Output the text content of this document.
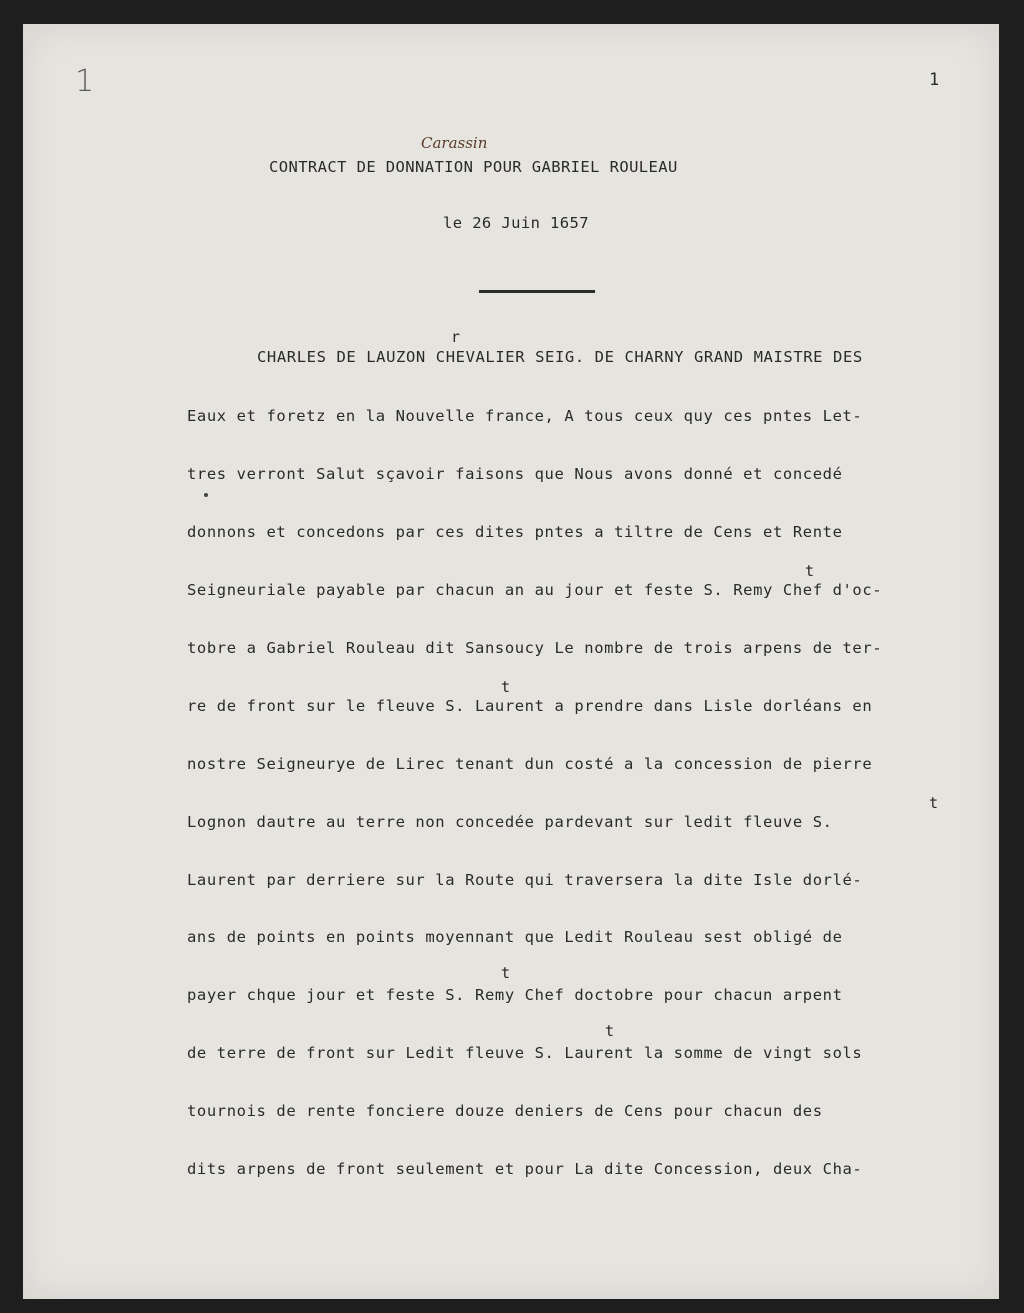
1	1
Carassin
CONTRACT DE DONNATION POUR GABRIEL ROULEAU
le 26 Juin 1657
r
t
t
t
t
t
CHARLES DE LAUZON CHEVALIER SEIG. DE CHARNY GRAND MAISTRE DES
Eaux et foretz en la Nouvelle france, A tous ceux quy ces pntes Let-
tres verront Salut sçavoir faisons que Nous avons donné et concedé
donnons et concedons par ces dites pntes a tiltre de Cens et Rente
Seigneuriale payable par chacun an au jour et feste S. Remy Chef d'oc-
tobre a Gabriel Rouleau dit Sansoucy Le nombre de trois arpens de ter-
re de front sur le fleuve S. Laurent a prendre dans Lisle dorléans en
nostre Seigneurye de Lirec tenant dun costé a la concession de pierre
Lognon dautre au terre non concedée pardevant sur ledit fleuve S.
Laurent par derriere sur la Route qui traversera la dite Isle dorlé-
ans de points en points moyennant que Ledit Rouleau sest obligé de
payer chque jour et feste S. Remy Chef doctobre pour chacun arpent
de terre de front sur Ledit fleuve S. Laurent la somme de vingt sols
tournois de rente fonciere douze deniers de Cens pour chacun des
dits arpens de front seulement et pour La dite Concession, deux Cha-
